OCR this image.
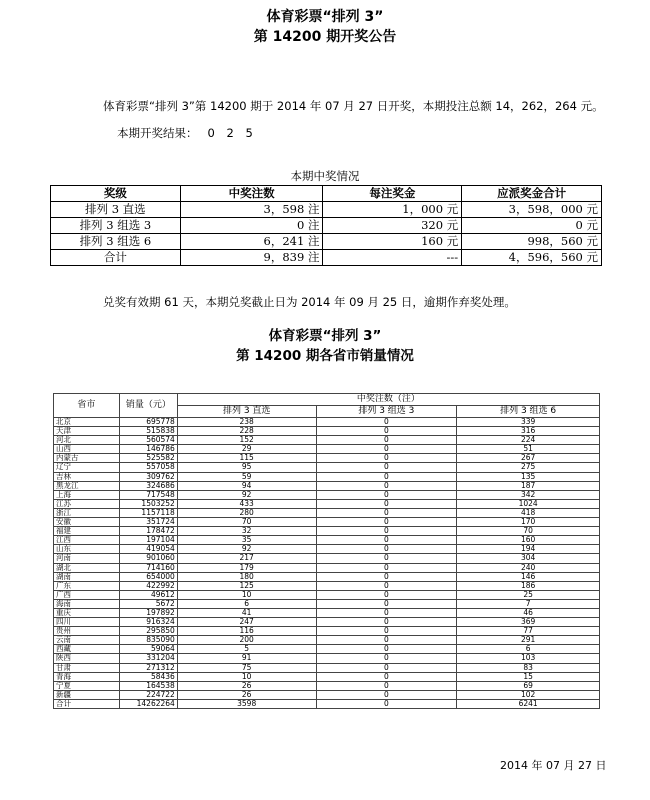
体育彩票“排列 3”
第 14200 期开奖公告
体育彩票“排列 3”第 14200 期于 2014 年 07 月 27 日开奖，本期投注总额 14，262，264 元。
本期开奖结果： 0 2 5
本期中奖情况
奖级	中奖注数	每注奖金	应派奖金合计
排列 3 直选	3，598 注	1，000 元	3，598，000 元
排列 3 组选 3	0 注	320 元	0 元
排列 3 组选 6	6，241 注	160 元	998，560 元
合计	9，839 注	---	4，596，560 元
兑奖有效期 61 天，本期兑奖截止日为 2014 年 09 月 25 日，逾期作弃奖处理。
体育彩票“排列 3”
第 14200 期各省市销量情况
省市	销量（元）	中奖注数（注）		
		排列 3 直选	排列 3 组选 3	排列 3 组选 6
北京	695778	238	0	339
天津	515838	228	0	316
河北	560574	152	0	224
山西	146786	29	0	51
内蒙古	525582	115	0	267
辽宁	557058	95	0	275
吉林	309762	59	0	135
黑龙江	324686	94	0	187
上海	717548	92	0	342
江苏	1503252	433	0	1024
浙江	1157118	280	0	418
安徽	351724	70	0	170
福建	178472	32	0	70
江西	197104	35	0	160
山东	419054	92	0	194
河南	901060	217	0	304
湖北	714160	179	0	240
湖南	654000	180	0	146
广东	422992	125	0	186
广西	49612	10	0	25
海南	5672	6	0	7
重庆	197892	41	0	46
四川	916324	247	0	369
贵州	295850	116	0	77
云南	835090	200	0	291
西藏	59064	5	0	6
陕西	331204	91	0	103
甘肃	271312	75	0	83
青海	58436	10	0	15
宁夏	164538	26	0	69
新疆	224722	26	0	102
合计	14262264	3598	0	6241
2014 年 07 月 27 日
